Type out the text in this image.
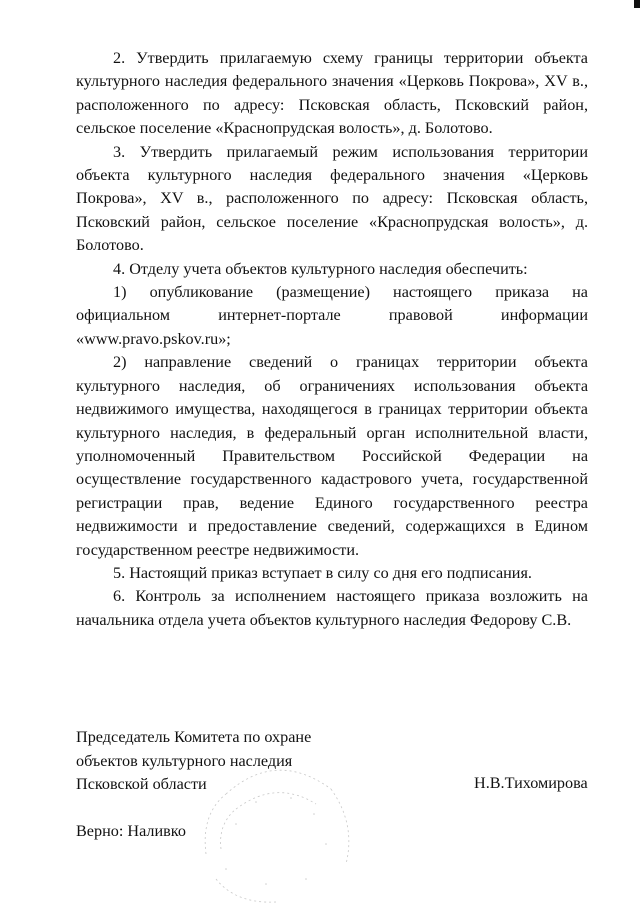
2. Утвердить прилагаемую схему границы территории объекта культурного наследия федерального значения «Церковь Покрова», XV в., расположенного по адресу: Псковская область, Псковский район, сельское поселение «Краснопрудская волость», д. Болотово.

3. Утвердить прилагаемый режим использования территории объекта культурного наследия федерального значения «Церковь Покрова», XV в., расположенного по адресу: Псковская область, Псковский район, сельское поселение «Краснопрудская волость», д. Болотово.

4. Отделу учета объектов культурного наследия обеспечить:

1) опубликование (размещение) настоящего приказа на официальном интернет-портале правовой информации «www.pravo.pskov.ru»;

2) направление сведений о границах территории объекта культурного наследия, об ограничениях использования объекта недвижимого имущества, находящегося в границах территории объекта культурного наследия, в федеральный орган исполнительной власти, уполномоченный Правительством Российской Федерации на осуществление государственного кадастрового учета, государственной регистрации прав, ведение Единого государственного реестра недвижимости и предоставление сведений, содержащихся в Едином государственном реестре недвижимости.

5. Настоящий приказ вступает в силу со дня его подписания.

6. Контроль за исполнением настоящего приказа возложить на начальника отдела учета объектов культурного наследия Федорову С.В.

Председатель Комитета по охране
объектов культурного наследия
Псковской области	Н.В.Тихомирова
Верно: Наливко
